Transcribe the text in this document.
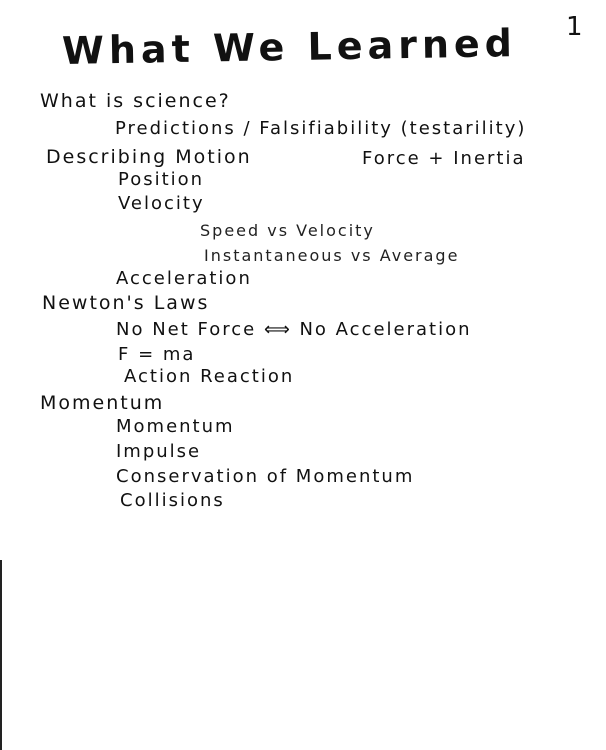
1
What We Learned
What is science?
Predictions / Falsifiability (testarility)
Describing Motion	Force + Inertia
Position
Velocity
Speed vs Velocity
Instantaneous vs Average
Acceleration
Newton's Laws
No Net Force ⟺ No Acceleration
F = ma
Action Reaction
Momentum
Momentum
Impulse
Conservation of Momentum
Collisions
